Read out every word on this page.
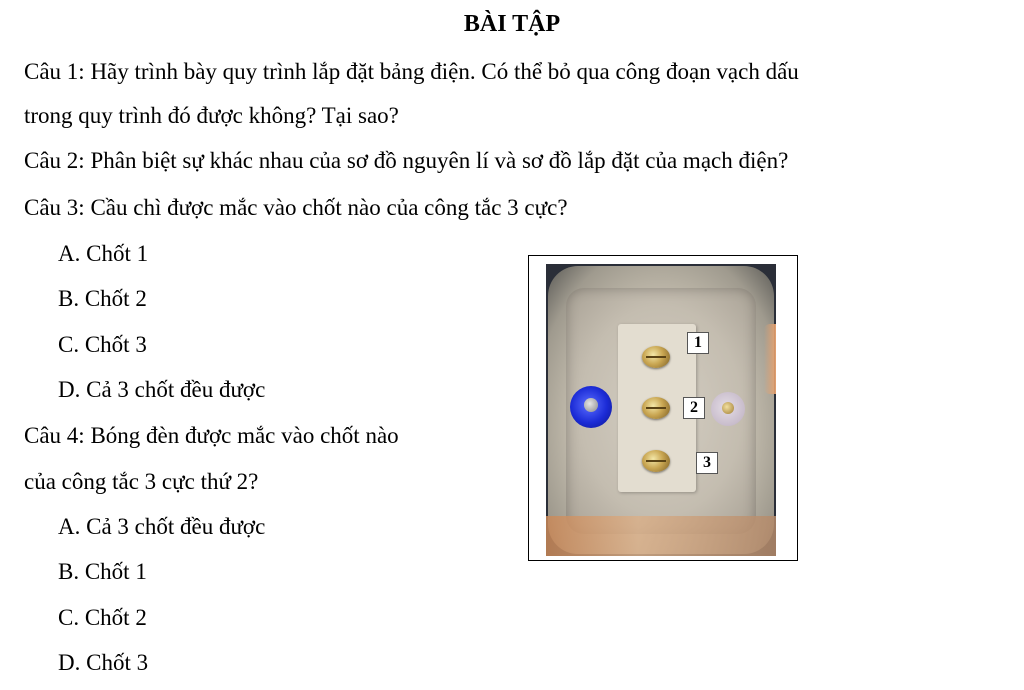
BÀI TẬP
Câu 1: Hãy trình bày quy trình lắp đặt bảng điện. Có thể bỏ qua công đoạn vạch dấu
trong quy trình đó được không? Tại sao?
Câu 2: Phân biệt sự khác nhau của sơ đồ nguyên lí và sơ đồ lắp đặt của mạch điện?
Câu 3: Cầu chì được mắc vào chốt nào của công tắc 3 cực?
A. Chốt 1
B. Chốt 2
C. Chốt 3
D. Cả 3 chốt đều được
Câu 4: Bóng đèn được mắc vào chốt nào
của công tắc 3 cực thứ 2?
A. Cả 3 chốt đều được
B. Chốt 1
C. Chốt 2
D. Chốt 3
1
2
3
